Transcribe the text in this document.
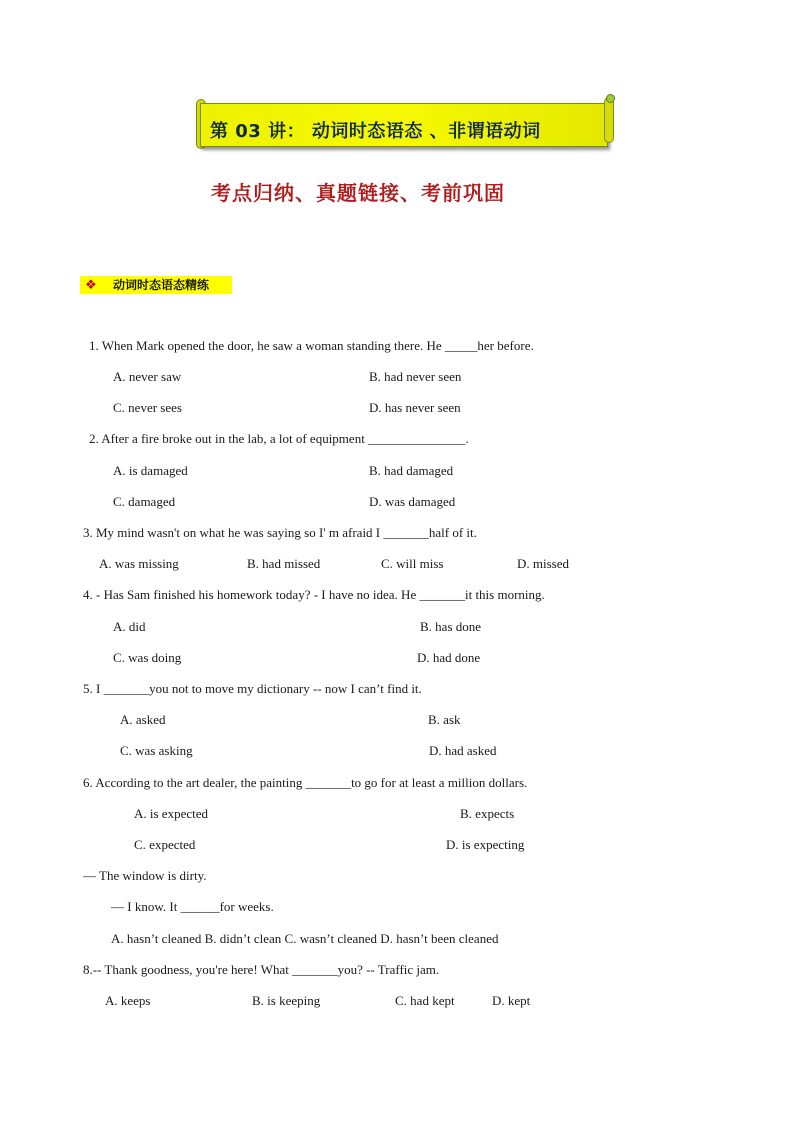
第 03 讲： 动词时态语态 、非谓语动词
考点归纳、真题链接、考前巩固
❖ 动词时态语态精练
1. When Mark opened the door, he saw a woman standing there. He _____her before.
A. never saw	B. had never seen
C. never sees	D. has never seen
2. After a fire broke out in the lab, a lot of equipment _______________.
A. is damaged	B. had damaged
C. damaged	D. was damaged
3. My mind wasn't on what he was saying so I' m afraid I _______half of it.
A. was missing	B. had missed	C. will miss	D. missed
4. - Has Sam finished his homework today? - I have no idea. He _______it this morning.
A. did	B. has done
C. was doing	D. had done
5. I _______you not to move my dictionary -- now I can’t find it.
A. asked	B. ask
C. was asking	D. had asked
6. According to the art dealer, the painting _______to go for at least a million dollars.
A. is expected	B. expects
C. expected	D. is expecting
— The window is dirty.
— I know. It ______for weeks.
A. hasn’t cleaned B. didn’t clean C. wasn’t cleaned D. hasn’t been cleaned
8.-- Thank goodness, you're here! What _______you? -- Traffic jam.
A. keeps	B. is keeping	C. had kept	D. kept
